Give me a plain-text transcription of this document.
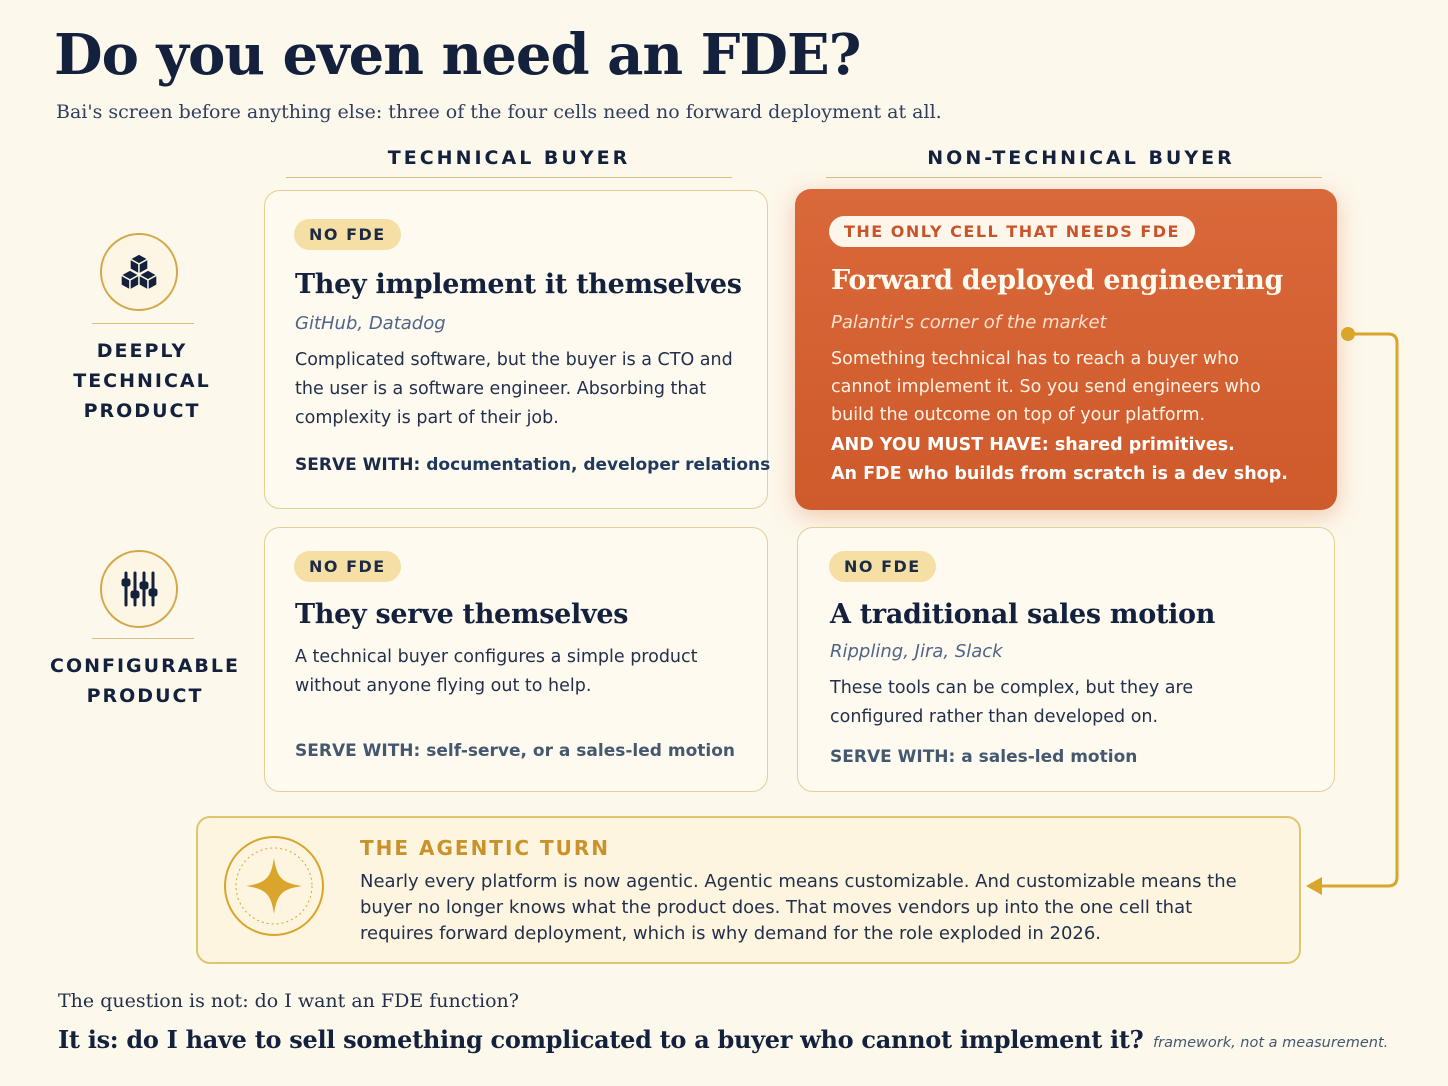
Do you even need an FDE?
Bai's screen before anything else: three of the four cells need no forward deployment at all.
TECHNICAL BUYER	NON-TECHNICAL BUYER
DEEPLY
TECHNICAL
PRODUCT
CONFIGURABLE
PRODUCT
NO FDE
They implement it themselves
GitHub, Datadog
Complicated software, but the buyer is a CTO and the user is a software engineer. Absorbing that complexity is part of their job.
SERVE WITH: documentation, developer relations
THE ONLY CELL THAT NEEDS FDE
Forward deployed engineering
Palantir's corner of the market
Something technical has to reach a buyer who cannot implement it. So you send engineers who build the outcome on top of your platform.
AND YOU MUST HAVE: shared primitives.
An FDE who builds from scratch is a dev shop.
NO FDE
They serve themselves
A technical buyer configures a simple product without anyone flying out to help.
SERVE WITH: self-serve, or a sales-led motion
NO FDE
A traditional sales motion
Rippling, Jira, Slack
These tools can be complex, but they are configured rather than developed on.
SERVE WITH: a sales-led motion
THE AGENTIC TURN
Nearly every platform is now agentic. Agentic means customizable. And customizable means the buyer no longer knows what the product does. That moves vendors up into the one cell that requires forward deployment, which is why demand for the role exploded in 2026.
The question is not: do I want an FDE function?
It is: do I have to sell something complicated to a buyer who cannot implement it? framework, not a measurement.
